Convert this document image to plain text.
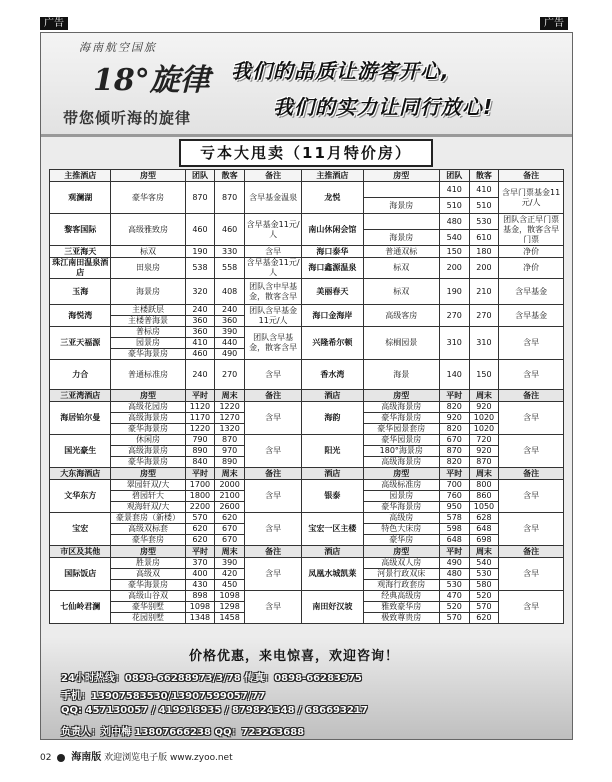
广告	广告
海南航空国旅
18°旋律
带您倾听海的旋律
我们的品质让游客开心,
我们的实力让同行放心!
亏本大甩卖（11月特价房）
主推酒店	房型	团队	散客	备注	主推酒店	房型	团队	散客	备注
观澜湖	豪华客房	870	870	含早基金温泉	龙悦		410	410	含早门票基金11元/人
						海景房	510	510	
黎客国际	高级雅致房	460	460	含早基金11元/人	南山休闲会馆		480	530	团队含正早门票基金，散客含早门票
						海景房	540	610	
三亚海天	标双	190	330	含早	海口泰华	普通双标	150	180	净价
珠江南田温泉酒店	田泉房	538	558	含早基金11元/人	海口鑫源温泉	标双	200	200	净价
玉海	海景房	320	408	团队含中早基金，散客含早	美丽春天	标双	190	210	含早基金
海悦湾	主楼跃层	240	240	团队含早基金11元/人	海口金海岸	高级客房	270	270	含早基金
	主楼普海景	360	360						
三亚天福源	普标房	360	390	团队含早基金，散客含早	兴隆希尔顿	棕榈园景	310	310	含早
	园景房	410	440						
	豪华海景房	460	490						
力合	普通标准房	240	270	含早	香水湾	海景	140	150	含早
三亚湾酒店	房型	平时	周末	备注	酒店	房型	平时	周末	备注
海居铂尔曼	高级花园房	1120	1220	含早	海韵	高级海景房	820	920	含早
	高级海景房	1170	1270			豪华海景房	920	1020	
	豪华海景房	1220	1320			豪华园景套房	820	1020	
国光豪生	休闲房	790	870	含早	阳光	豪华园景房	670	720	含早
	高级海景房	890	970			180°海景房	870	920	
	豪华海景房	840	890			高级海景房	820	870	
大东海酒店	房型	平时	周末	备注	酒店	房型	平时	周末	备注
文华东方	翠园轩双/大	1700	2000	含早	银泰	高级标准房	700	800	含早
	碧园轩大	1800	2100			园景房	760	860	
	观海轩双/大	2200	2600			豪华海景房	950	1050	
宝宏	豪景套房（新楼）	570	620	含早	宝宏一区主楼	高级房	578	628	含早
	高级双标套	620	670			特色大床房	598	648	
	豪华套房	620	670			豪华房	648	698	
市区及其他	房型	平时	周末	备注	酒店	房型	平时	周末	备注
国际饭店	胜景房	370	390	含早	凤凰水城凯莱	高级双人房	490	540	含早
	高级双	400	420			河景行政双床	480	530	
	豪华海景房	430	450			观海行政套房	530	580	
七仙岭君澜	高级山谷双	898	1098	含早	南田好汉坡	经典高级房	470	520	含早
	豪华别墅	1098	1298			雅致豪华房	520	570	
	花园别墅	1348	1458			极致尊贵房	570	620	
价格优惠，来电惊喜，欢迎咨询！
24小时热线：0898-66288973/3/78 传真：0898-66283975
手机：13907583530/13907599057/77
QQ: 457130057 / 419918935 / 879824348 / 686693217
负责人：刘中梅 13807666238 QQ：723263688
02 海南版 欢迎浏览电子版 www.zyoo.net
